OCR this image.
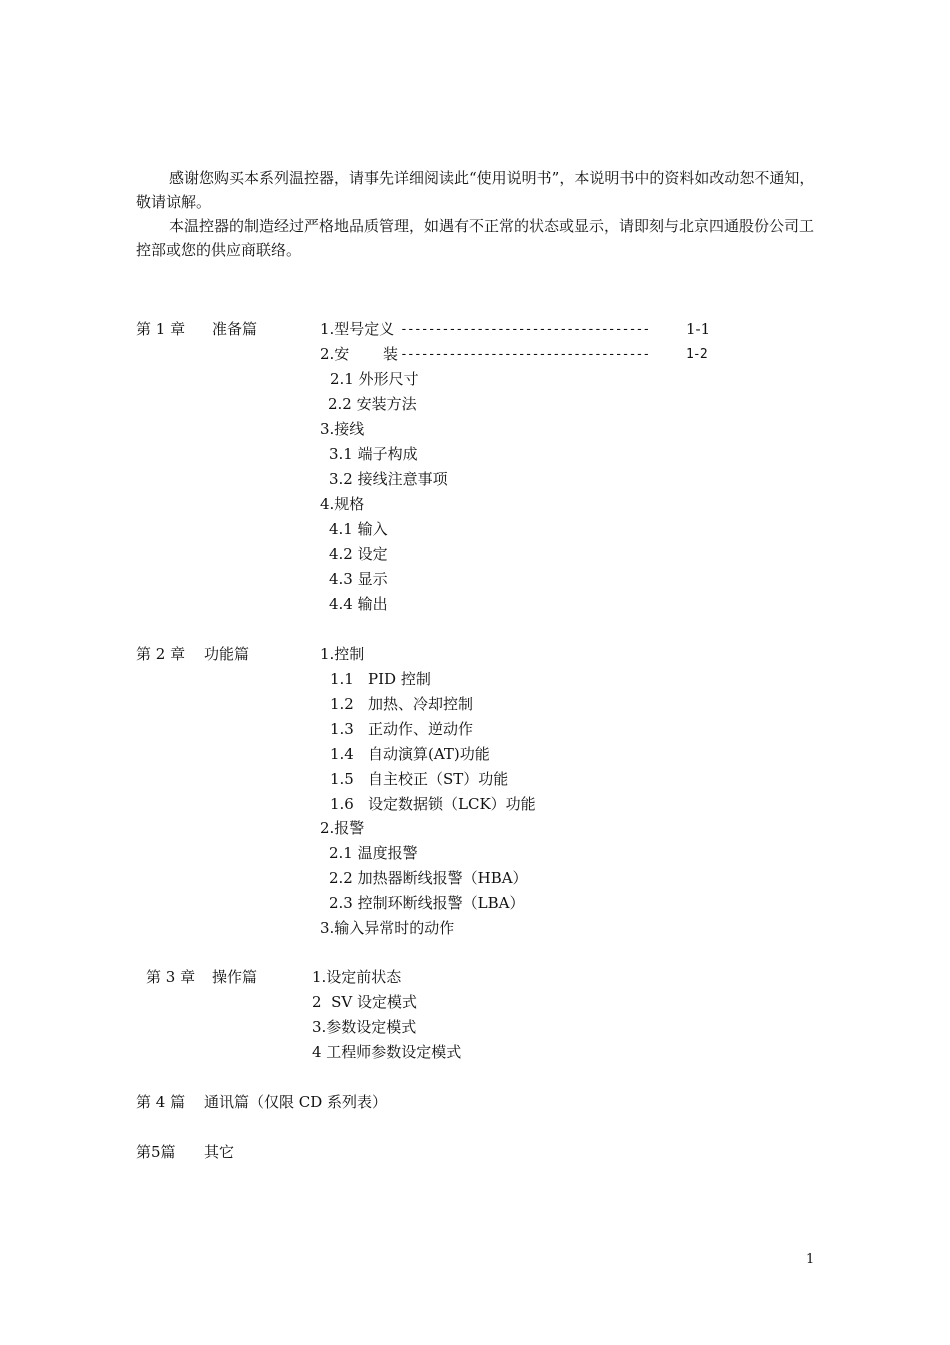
感谢您购买本系列温控器，请事先详细阅读此“使用说明书”，本说明书中的资料如改动恕不通知，敬请谅解。

本温控器的制造经过严格地品质管理，如遇有不正常的状态或显示，请即刻与北京四通股份公司工控部或您的供应商联络。

第 1 章 准备篇	1.型号定义 ------------------------------------ 1-1
2.安 装 ------------------------------------	1-2
2.1 外形尺寸
2.2 安装方法
3.接线
3.1 端子构成
3.2 接线注意事项
4.规格
4.1 输入
4.2 设定
4.3 显示
4.4 输出
第 2 章 功能篇	1.控制
1.1 PID 控制
1.2 加热、冷却控制
1.3 正动作、逆动作
1.4 自动演算(AT)功能
1.5 自主校正（ST）功能
1.6 设定数据锁（LCK）功能
2.报警
2.1 温度报警
2.2 加热器断线报警（HBA）
2.3 控制环断线报警（LBA）
3.输入异常时的动作
第 3 章 操作篇	1.设定前状态
2  SV 设定模式
3.参数设定模式
4 工程师参数设定模式
第 4 篇 通讯篇（仅限 CD 系列表）
第5篇 其它
1
